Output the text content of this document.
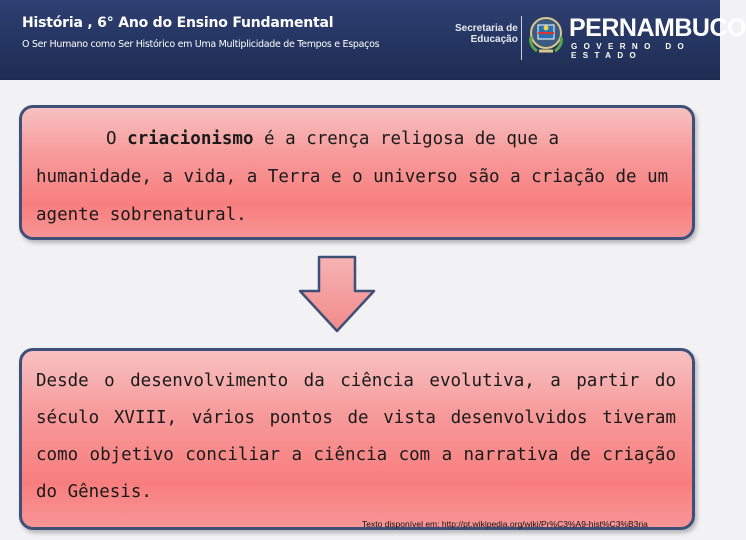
História , 6° Ano do Ensino Fundamental
O Ser Humano como Ser Histórico em Uma Multiplicidade de Tempos e Espaços
Secretaria de
Educação PERNAMBUCO
GOVERNO DO ESTADO
O criacionismo é a crença religosa de que a humanidade, a vida, a Terra e o universo são a criação de um agente sobrenatural.
Desde o desenvolvimento da ciência evolutiva, a partir do século XVIII, vários pontos de vista desenvolvidos tiveram como objetivo conciliar a ciência com a narrativa de criação do Gênesis.
Texto disponível em: http://pt.wikipedia.org/wiki/Pr%C3%A9-hist%C3%B3ria
